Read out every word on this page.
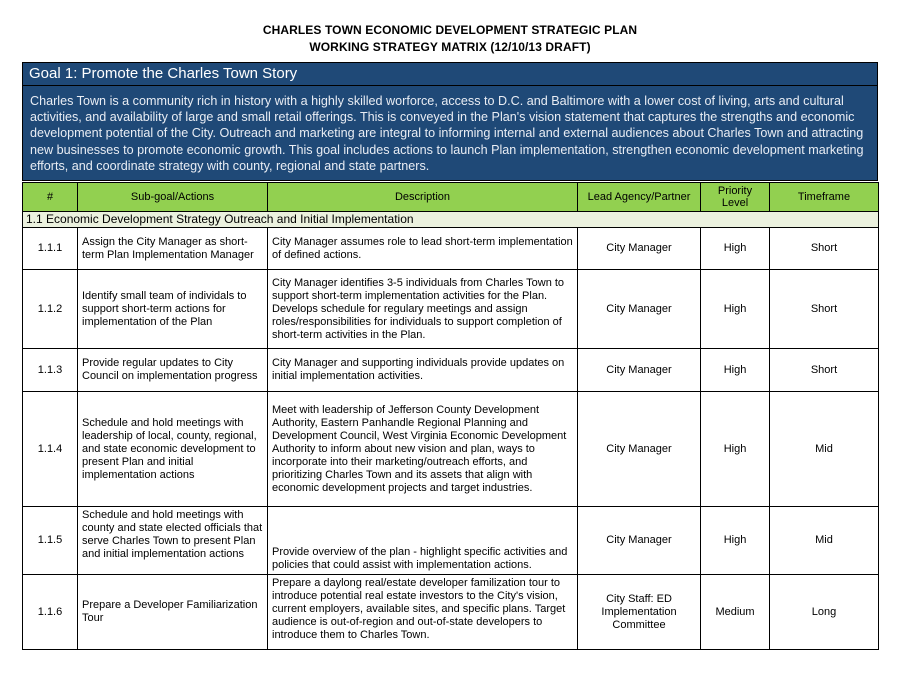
CHARLES TOWN ECONOMIC DEVELOPMENT STRATEGIC PLAN
WORKING STRATEGY MATRIX (12/10/13 DRAFT)
Goal 1: Promote the Charles Town Story
Charles Town is a community rich in history with a highly skilled worforce, access to D.C. and Baltimore with a lower cost of living, arts and cultural activities, and availability of large and small retail offerings. This is conveyed in the Plan's vision statement that captures the strengths and economic development potential of the City. Outreach and marketing are integral to informing internal and external audiences about Charles Town and attracting new businesses to promote economic growth. This goal includes actions to launch Plan implementation, strengthen economic development marketing efforts, and coordinate strategy with county, regional and state partners.
#	Sub-goal/Actions	Description	Lead Agency/Partner	Priority Level	Timeframe
1.1 Economic Development Strategy Outreach and Initial Implementation					
1.1.1	Assign the City Manager as short-term Plan Implementation Manager	City Manager assumes role to lead short-term implementation of defined actions.	City Manager	High	Short
1.1.2	Identify small team of individals to support short-term actions for implementation of the Plan	City Manager identifies 3-5 individuals from Charles Town to support short-term implementation activities for the Plan. Develops schedule for regulary meetings and assign roles/responsibilities for individuals to support completion of short-term activities in the Plan.	City Manager	High	Short
1.1.3	Provide regular updates to City Council on implementation progress	City Manager and supporting individuals provide updates on initial implementation activities.	City Manager	High	Short
1.1.4	Schedule and hold meetings with leadership of local, county, regional, and state economic development to present Plan and initial implementation actions	Meet with leadership of Jefferson County Development Authority, Eastern Panhandle Regional Planning and Development Council, West Virginia Economic Development Authority to inform about new vision and plan, ways to incorporate into their marketing/outreach efforts, and prioritizing Charles Town and its assets that align with economic development projects and target industries.	City Manager	High	Mid
1.1.5	Schedule and hold meetings with county and state elected officials that serve Charles Town to present Plan and initial implementation actions	Provide overview of the plan - highlight specific activities and policies that could assist with implementation actions.	City Manager	High	Mid
1.1.6	Prepare a Developer Familiarization Tour	Prepare a daylong real/estate developer familization tour to introduce potential real estate investors to the City's vision, current employers, available sites, and specific plans. Target audience is out-of-region and out-of-state developers to introduce them to Charles Town.	City Staff: ED Implementation Committee	Medium	Long
